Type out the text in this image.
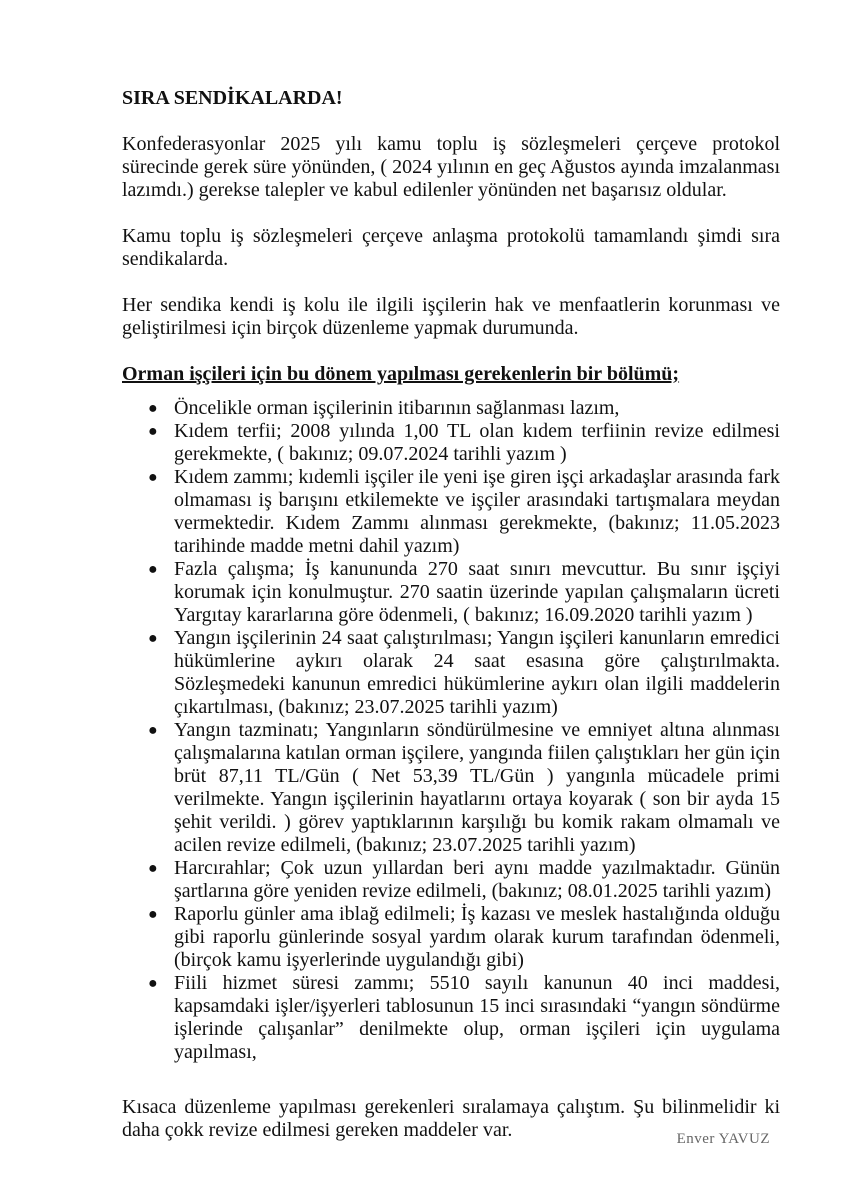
SIRA SENDİKALARDA!

Konfederasyonlar 2025 yılı kamu toplu iş sözleşmeleri çerçeve protokol sürecinde gerek süre yönünden, ( 2024 yılının en geç Ağustos ayında imzalanması lazımdı.) gerekse talepler ve kabul edilenler yönünden net başarısız oldular.

Kamu toplu iş sözleşmeleri çerçeve anlaşma protokolü tamamlandı şimdi sıra sendikalarda.

Her sendika kendi iş kolu ile ilgili işçilerin hak ve menfaatlerin korunması ve geliştirilmesi için birçok düzenleme yapmak durumunda.

Orman işçileri için bu dönem yapılması gerekenlerin bir bölümü;
● Öncelikle orman işçilerinin itibarının sağlanması lazım,
● Kıdem terfii; 2008 yılında 1,00 TL olan kıdem terfiinin revize edilmesi gerekmekte, ( bakınız; 09.07.2024 tarihli yazım )
● Kıdem zammı; kıdemli işçiler ile yeni işe giren işçi arkadaşlar arasında fark olmaması iş barışını etkilemekte ve işçiler arasındaki tartışmalara meydan vermektedir. Kıdem Zammı alınması gerekmekte, (bakınız; 11.05.2023 tarihinde madde metni dahil yazım)
● Fazla çalışma; İş kanununda 270 saat sınırı mevcuttur. Bu sınır işçiyi korumak için konulmuştur. 270 saatin üzerinde yapılan çalışmaların ücreti Yargıtay kararlarına göre ödenmeli, ( bakınız; 16.09.2020 tarihli yazım )
● Yangın işçilerinin 24 saat çalıştırılması; Yangın işçileri kanunların emredici hükümlerine aykırı olarak 24 saat esasına göre çalıştırılmakta. Sözleşmedeki kanunun emredici hükümlerine aykırı olan ilgili maddelerin çıkartılması, (bakınız; 23.07.2025 tarihli yazım)
● Yangın tazminatı; Yangınların söndürülmesine ve emniyet altına alınması çalışmalarına katılan orman işçilere, yangında fiilen çalıştıkları her gün için brüt 87,11 TL/Gün ( Net 53,39 TL/Gün ) yangınla mücadele primi verilmekte. Yangın işçilerinin hayatlarını ortaya koyarak ( son bir ayda 15 şehit verildi. ) görev yaptıklarının karşılığı bu komik rakam olmamalı ve acilen revize edilmeli, (bakınız; 23.07.2025 tarihli yazım)
● Harcırahlar; Çok uzun yıllardan beri aynı madde yazılmaktadır. Günün şartlarına göre yeniden revize edilmeli, (bakınız; 08.01.2025 tarihli yazım)
● Raporlu günler ama iblağ edilmeli; İş kazası ve meslek hastalığında olduğu gibi raporlu günlerinde sosyal yardım olarak kurum tarafından ödenmeli, (birçok kamu işyerlerinde uygulandığı gibi)
● Fiili hizmet süresi zammı; 5510 sayılı kanunun 40 inci maddesi, kapsamdaki işler/işyerleri tablosunun 15 inci sırasındaki “yangın söndürme işlerinde çalışanlar” denilmekte olup, orman işçileri için uygulama yapılması,

Kısaca düzenleme yapılması gerekenleri sıralamaya çalıştım. Şu bilinmelidir ki daha çokk revize edilmesi gereken maddeler var.	Enver YAVUZ
